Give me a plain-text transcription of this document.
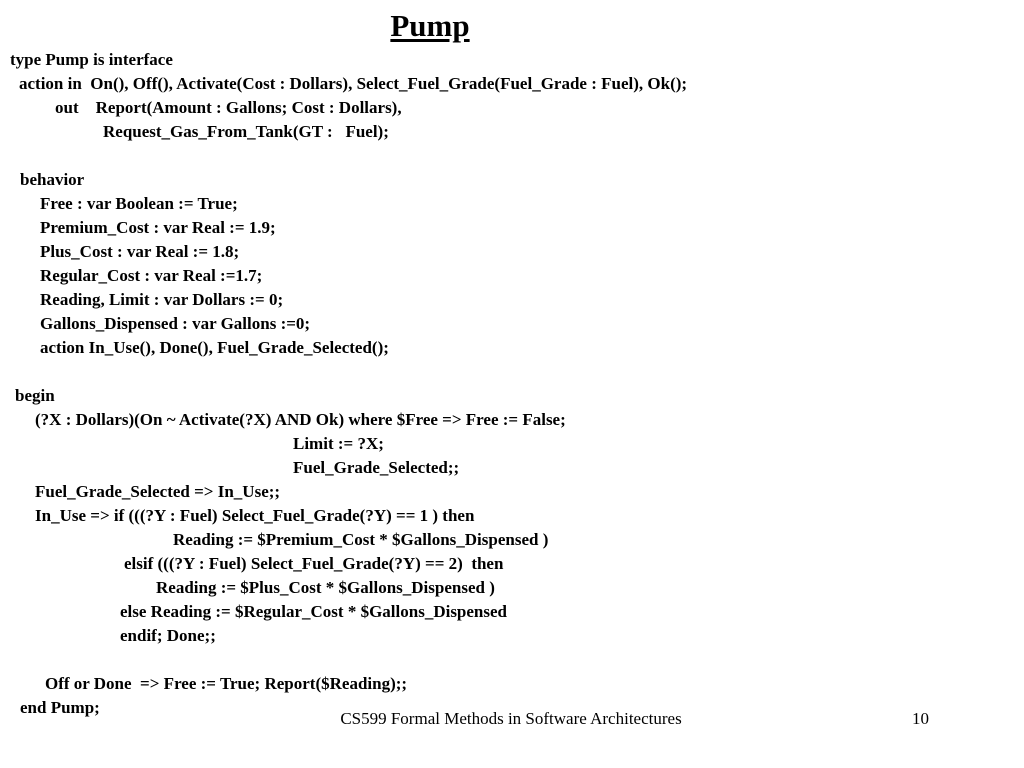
Pump
type Pump is interface
action in  On(), Off(), Activate(Cost : Dollars), Select_Fuel_Grade(Fuel_Grade : Fuel), Ok();
out    Report(Amount : Gallons; Cost : Dollars),
Request_Gas_From_Tank(GT :   Fuel);
behavior
Free : var Boolean := True;
Premium_Cost : var Real := 1.9;
Plus_Cost : var Real := 1.8;
Regular_Cost : var Real :=1.7;
Reading, Limit : var Dollars := 0;
Gallons_Dispensed : var Gallons :=0;
action In_Use(), Done(), Fuel_Grade_Selected();
begin
(?X : Dollars)(On ~ Activate(?X) AND Ok) where $Free => Free := False;
Limit := ?X;
Fuel_Grade_Selected;;
Fuel_Grade_Selected => In_Use;;
In_Use => if (((?Y : Fuel) Select_Fuel_Grade(?Y) == 1 ) then
Reading := $Premium_Cost * $Gallons_Dispensed )
elsif (((?Y : Fuel) Select_Fuel_Grade(?Y) == 2)  then
Reading := $Plus_Cost * $Gallons_Dispensed )
else Reading := $Regular_Cost * $Gallons_Dispensed
endif; Done;;
Off or Done  => Free := True; Report($Reading);;
end Pump;
CS599 Formal Methods in Software Architectures	10
